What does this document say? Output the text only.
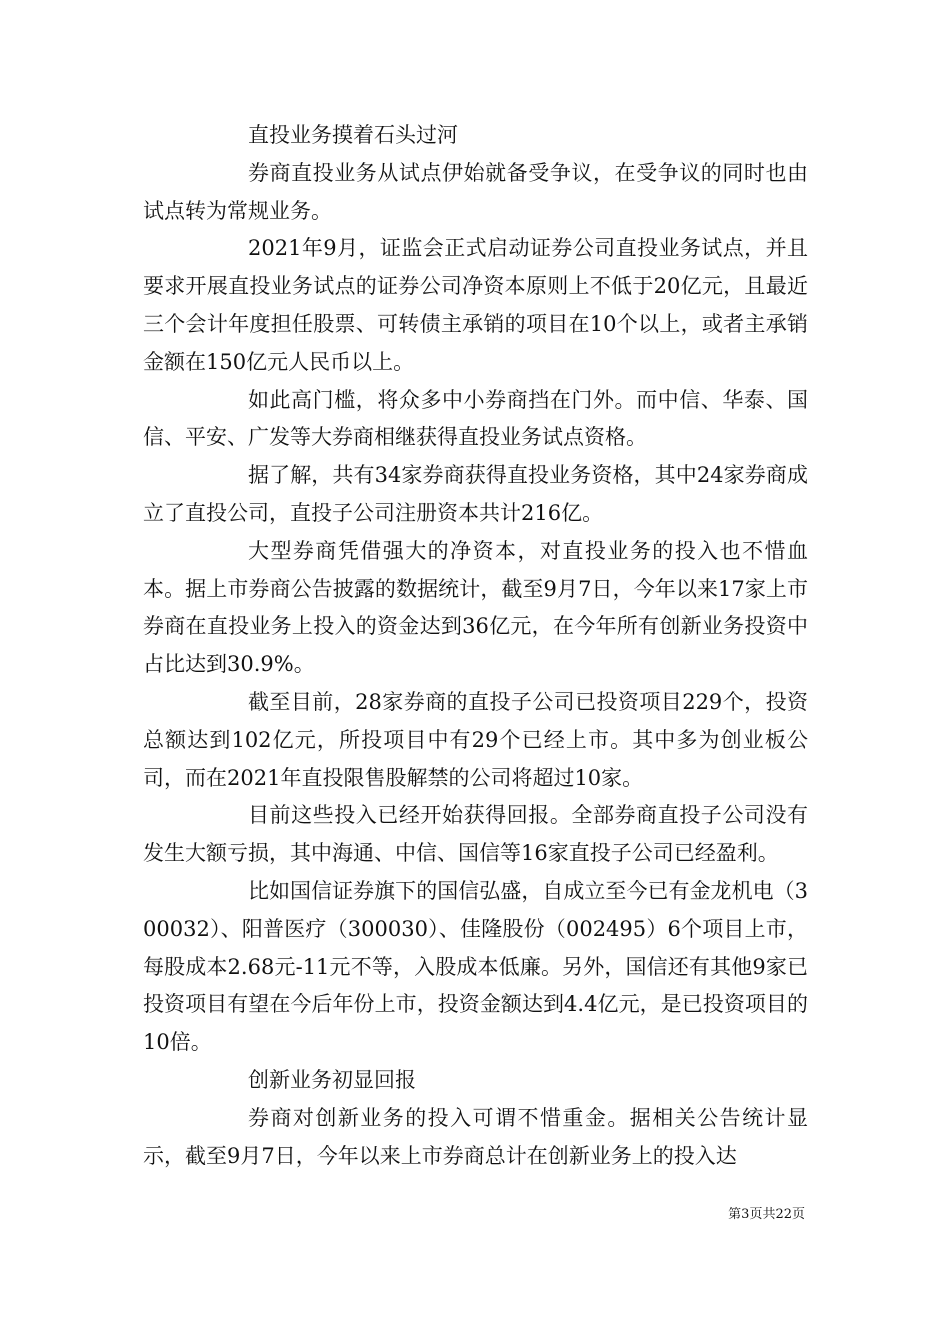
直投业务摸着石头过河

券商直投业务从试点伊始就备受争议，在受争议的同时也由试点转为常规业务。

2021年9月，证监会正式启动证券公司直投业务试点，并且要求开展直投业务试点的证券公司净资本原则上不低于20亿元，且最近三个会计年度担任股票、可转债主承销的项目在10个以上，或者主承销金额在150亿元人民币以上。

如此高门槛，将众多中小券商挡在门外。而中信、华泰、国信、平安、广发等大券商相继获得直投业务试点资格。

据了解，共有34家券商获得直投业务资格，其中24家券商成立了直投公司，直投子公司注册资本共计216亿。

大型券商凭借强大的净资本，对直投业务的投入也不惜血本。据上市券商公告披露的数据统计，截至9月7日，今年以来17家上市券商在直投业务上投入的资金达到36亿元，在今年所有创新业务投资中占比达到30.9%。

截至目前，28家券商的直投子公司已投资项目229个，投资总额达到102亿元，所投项目中有29个已经上市。其中多为创业板公司，而在2021年直投限售股解禁的公司将超过10家。

目前这些投入已经开始获得回报。全部券商直投子公司没有发生大额亏损，其中海通、中信、国信等16家直投子公司已经盈利。

比如国信证券旗下的国信弘盛，自成立至今已有金龙机电（300032）、阳普医疗（300030）、佳隆股份（002495）6个项目上市，每股成本2.68元-11元不等，入股成本低廉。另外，国信还有其他9家已投资项目有望在今后年份上市，投资金额达到4.4亿元，是已投资项目的10倍。

创新业务初显回报

券商对创新业务的投入可谓不惜重金。据相关公告统计显示，截至9月7日，今年以来上市券商总计在创新业务上的投入达

第3页共22页
